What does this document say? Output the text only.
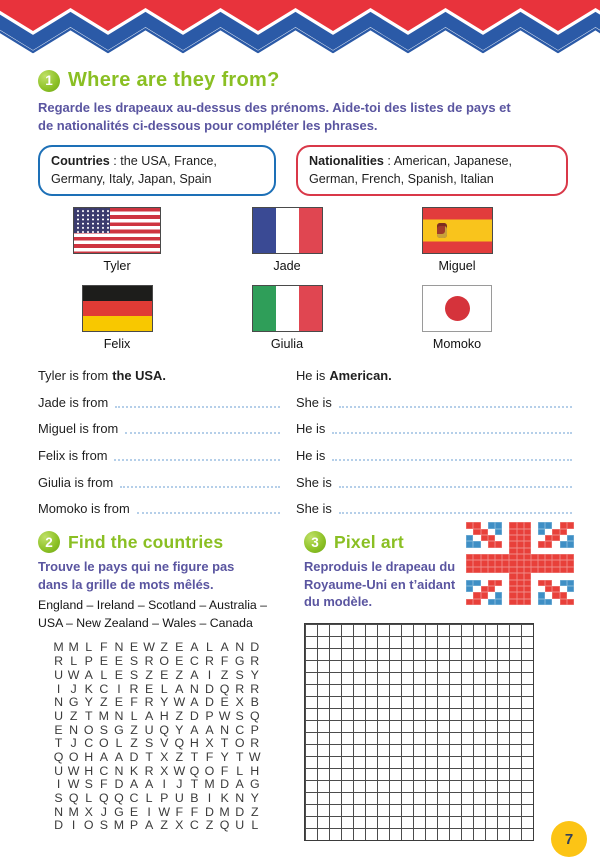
1 Where are they from?
Regarde les drapeaux au-dessus des prénoms. Aide-toi des listes de pays et de nationalités ci-dessous pour compléter les phrases.
Countries : the USA, France, Germany, Italy, Japan, Spain
Nationalities : American, Japanese, German, French, Spanish, Italian
Tyler	Jade	Miguel
Felix	Giulia	Momoko
Tyler is from the USA.	He is American.
Jade is from	She is
Miguel is from	He is
Felix is from	He is
Giulia is from	She is
Momoko is from	She is
2 Find the countries
Trouve le pays qui ne figure pas dans la grille de mots mêlés.
England – Ireland – Scotland – Australia –
USA – New Zealand – Wales – Canada
M M L F N E W Z E A L A N D
R L P E E S R O E C R F G R
U W A L E S Z E Z A I Z S Y
I J K C I R E L A N D Q R R
N G Y Z E F R Y W A D E X B
U Z T M N L A H Z D P W S Q
E N O S G Z U Q Y A A N C P
T J C O L Z S V Q H X T O R
Q O H A A D T X Z T F Y T W
U W H C N K R X W Q O F L H
I W S F D A A I J T M D A G
S Q L Q Q C L P U B I K N Y
N M X J G E I W F F D M D Z
D I O S M P A Z X C Z Q U L
3 Pixel art
Reproduis le drapeau du Royaume-Uni en t’aidant du modèle.
7
